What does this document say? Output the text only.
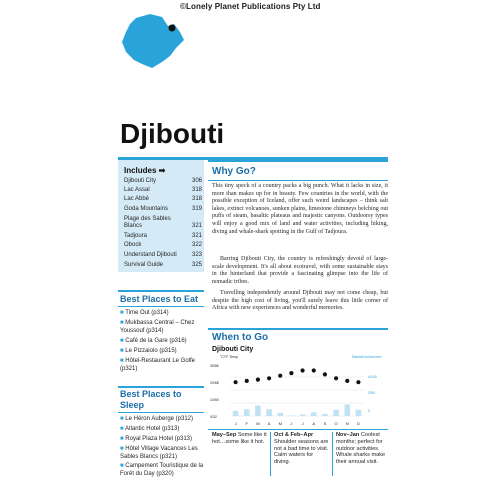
©Lonely Planet Publications Pty Ltd
Djibouti
Includes ➡
Djibouti City	306
Lac Assal	318
Lac Abbé	318
Goda Mountains	319
Plage des Sables Blancs	321
Tadjoura	321
Obock	322
Understand Djibouti	323
Survival Guide	325
Best Places to Eat
■ Time Out (p314)
■ Mukbassa Central – Chez Youssouf (p314)
■ Café de la Gare (p316)
■ Le Pizzaiolo (p315)
■ Hôtel-Restaurant Le Golfe (p321)
Best Places to Sleep
■ Le Héron Auberge (p312)
■ Atlantic Hotel (p313)
■ Royal Plaza Hotel (p313)
■ Hôtel Village Vacances Les Sables Blancs (p321)
■ Campement Touristique de la Forêt du Day (p320)
Why Go?
This tiny speck of a country packs a big punch. What it lacks in size, it more than makes up for in beauty. Few countries in the world, with the possible exception of Iceland, offer such weird landscapes – think salt lakes, extinct volcanoes, sunken plains, limestone chimneys belching out puffs of steam, basaltic plateaus and majestic canyons. Outdoorsy types will enjoy a good mix of land and water activities, including hiking, diving and whale-shark spotting in the Gulf of Tadjoura.
Barring Djibouti City, the country is refreshingly devoid of large-scale development. It's all about ecotravel, with some sustainable stays in the hinterland that provide a fascinating glimpse into the life of nomadic tribes.
Travelling independently around Djibouti may not come cheap, but despite the high cost of living, you'll surely leave this little corner of Africa with new experiences and wonderful memories.
When to Go
Djibouti City
°C/°F Temp	Rainfall inches/mm
30/86
20/68
10/50
0/32
4/100
2/50
0
J F M A M J J A S O N D
May–Sep Some like it hot…some like it hot.
Oct & Feb–Apr Shoulder seasons are not a bad time to visit. Calm waters for diving.
Nov–Jan Coolest months; perfect for outdoor activities. Whale sharks make their annual visit.
